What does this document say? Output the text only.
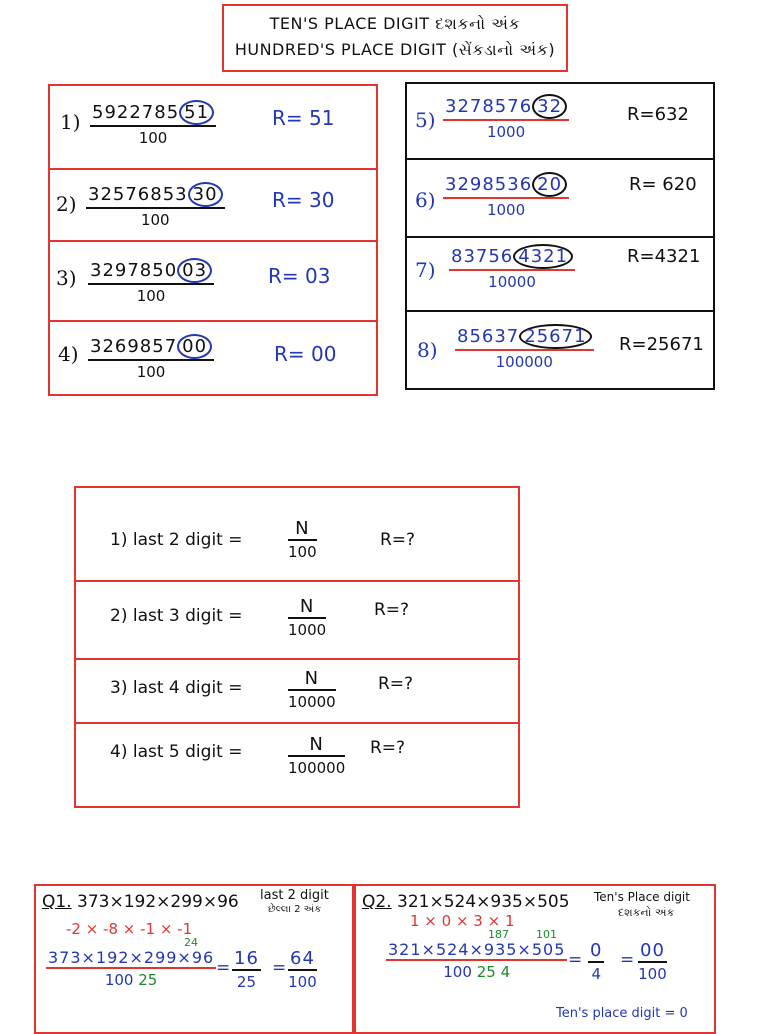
TEN'S PLACE DIGIT દશકનો અંક
HUNDRED'S PLACE DIGIT (સેંકડાનો અંક)
1) 5922785 51
100
R= 51
2) 32576853 30
100
R= 30
3) 3297850 03
100
R= 03
4) 3269857 00
100
R= 00
5)
3278576 32
1000
R=632
6)
3298536 20
1000
R= 620
7)
83756 4321
10000
R=4321
8)
85637 25671
100000
R=25671
1) last 2 digit =
N
100
R=?
2) last 3 digit =	N
1000
R=?
3) last 4 digit =	N
10000
R=?
4) last 5 digit =	N
100000
R=?
Q1. 373×192×299×96 last 2 digit
છેલ્લા 2 અંક
-2 × -8 × -1 × -1
24
$\frac{373\times 192\times 299\times 96}{100 25} = 16$
25
= 64
100
Q2. 321×524×935×505 Ten's Place digit
દશકનો અંક
1 × 0 × 3 × 1
187 101
$\frac{321\times 524\times 935\times 505}{100 25 4} = 0$
4
= 00
100
Ten's place digit = 0
